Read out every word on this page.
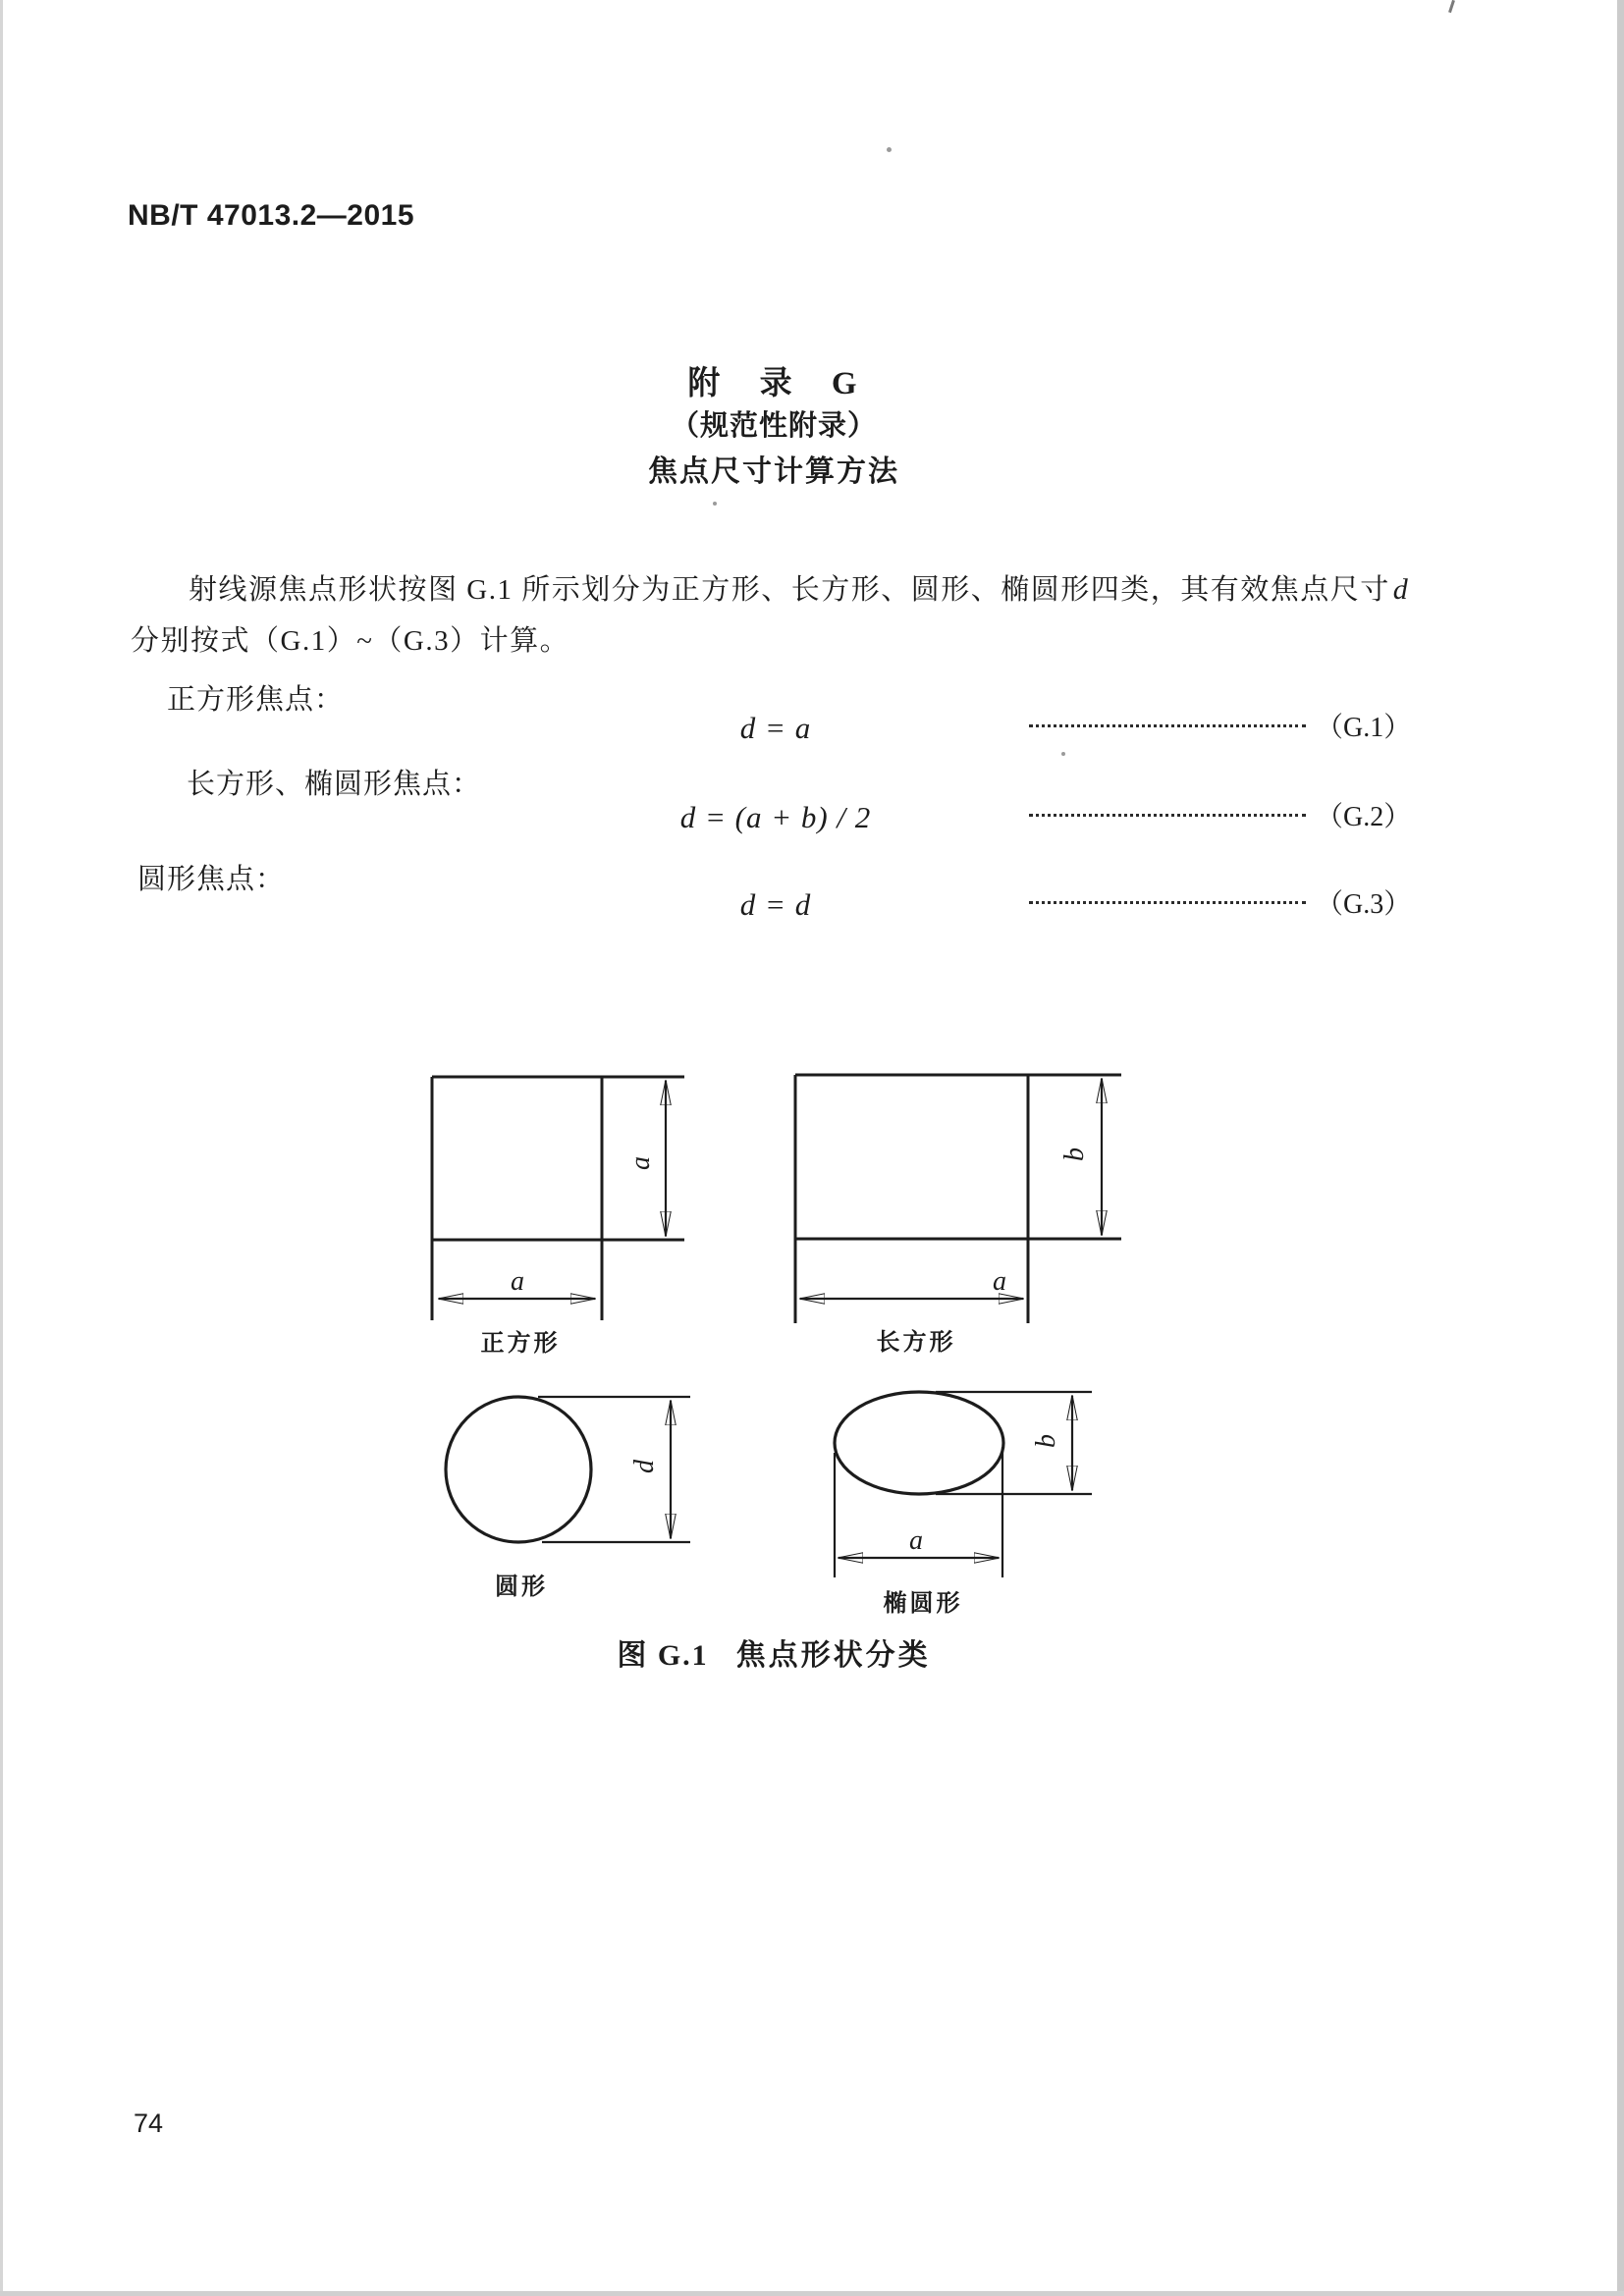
NB/T 47013.2—2015
附 录 G
（规范性附录）
焦点尺寸计算方法
射线源焦点形状按图 G.1 所示划分为正方形、长方形、圆形、椭圆形四类，其有效焦点尺寸 d
分别按式（G.1）~（G.3）计算。
正方形焦点：
d = a	（G.1）
长方形、椭圆形焦点：
d = (a + b) / 2	（G.2）
圆形焦点：
d = d	（G.3）
a
a
b
a
d
b
a
正方形	长方形
圆形
椭圆形
图 G.1 焦点形状分类
74
